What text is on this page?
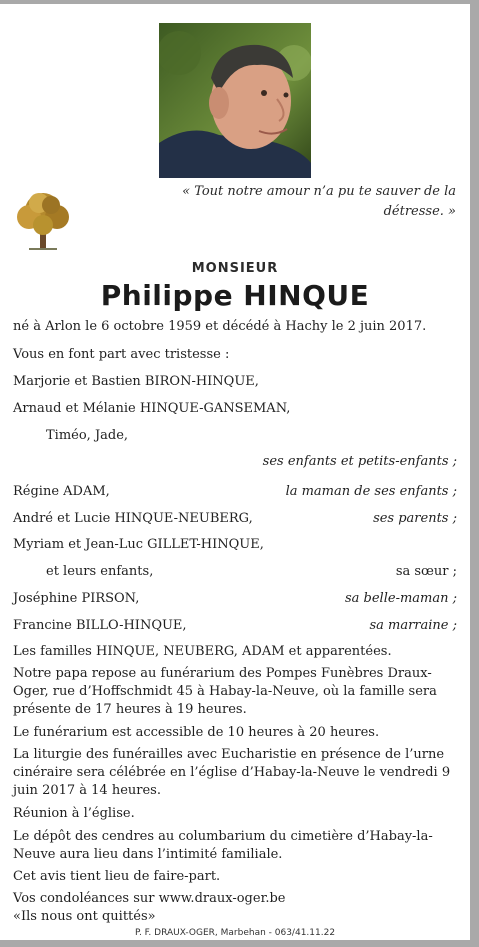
« Tout notre amour n’a pu te sauver de la détresse. »
MONSIEUR
Philippe HINQUE
né à Arlon le 6 octobre 1959 et décédé à Hachy le 2 juin 2017.
Vous en font part avec tristesse :
Marjorie et Bastien BIRON-HINQUE,
Arnaud et Mélanie HINQUE-GANSEMAN,
Timéo, Jade,
ses enfants et petits-enfants ;
Régine ADAM,	la maman de ses enfants ;
André et Lucie HINQUE-NEUBERG,	ses parents ;
Myriam et Jean-Luc GILLET-HINQUE,
et leurs enfants,	sa sœur ;
Joséphine PIRSON,	sa belle-maman ;
Francine BILLO-HINQUE,	sa marraine ;
Les familles HINQUE, NEUBERG, ADAM et apparentées.
Notre papa repose au funérarium des Pompes Funèbres Draux-Oger, rue d’Hoffschmidt 45 à Habay-la-Neuve, où la famille sera présente de 17 heures à 19 heures.
Le funérarium est accessible de 10 heures à 20 heures.
La liturgie des funérailles avec Eucharistie en présence de l’urne cinéraire sera célébrée en l’église d’Habay-la-Neuve le vendredi 9 juin 2017 à 14 heures.
Réunion à l’église.
Le dépôt des cendres au columbarium du cimetière d’Habay-la-Neuve aura lieu dans l’intimité familiale.
Cet avis tient lieu de faire-part.
Vos condoléances sur www.draux-oger.be
«Ils nous ont quittés»
P. F. DRAUX-OGER, Marbehan - 063/41.11.22
